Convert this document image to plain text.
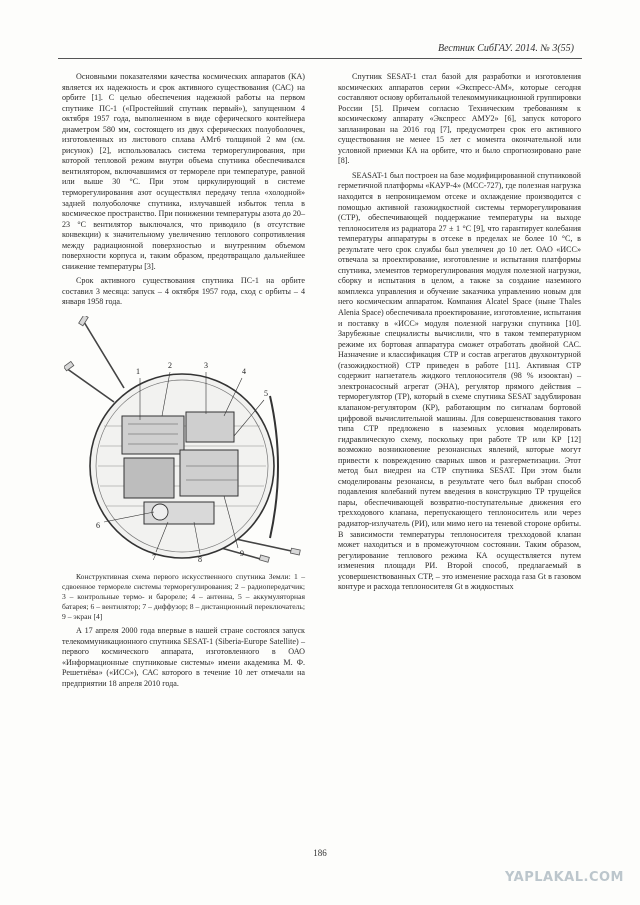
Вестник СибГАУ. 2014. № 3(55)

Основными показателями качества космических аппаратов (КА) является их надежность и срок активного существования (САС) на орбите [1]. С целью обеспечения надежной работы на первом спутнике ПС-1 («Простейший спутник первый»), запущенном 4 октября 1957 года, выполненном в виде сферического контейнера диаметром 580 мм, состоящего из двух сферических полуоболочек, изготовленных из листового сплава АМг6 толщиной 2 мм (см. рисунок) [2], использовалась система терморегулирования, при которой тепловой режим внутри объема спутника обеспечивался вентилятором, включавшимся от термореле при температуре, равной или выше 30 °С. При этом циркулирующий в системе терморегулирования азот осуществлял передачу тепла «холодной» задней полуоболочке спутника, излучавшей избыток тепла в космическое пространство. При понижении температуры азота до 20–23 °С вентилятор выключался, что приводило (в отсутствие конвекции) к значительному увеличению теплового сопротивления между радиационной поверхностью и внутренним объемом поверхности корпуса и, таким образом, предотвращало дальнейшее снижение температуры [3].

Срок активного существования спутника ПС-1 на орбите составил 3 месяца: запуск – 4 октября 1957 года, сход с орбиты – 4 января 1958 года.

1
2	3
4
5
6
7	8
9

Конструктивная схема первого искусственного спутника Земли: 1 – сдвоенное термореле системы терморегулирования; 2 – радиопередатчик; 3 – контрольные термо- и барореле; 4 – антенна, 5 – аккумуляторная батарея; 6 – вентилятор; 7 – диффузор; 8 – дистанционный переключатель; 9 – экран [4]

А 17 апреля 2000 года впервые в нашей стране состоялся запуск телекоммуникационного спутника SESAT-1 (Siberia-Europe Satellite) – первого космического аппарата, изготовленного в ОАО «Информационные спутниковые системы» имени академика М. Ф. Решетнёва» («ИСС»), САС которого в течение 10 лет отмечали на предприятии 18 апреля 2010 года.

Спутник SESAT-1 стал базой для разработки и изготовления космических аппаратов серии «Экспресс-АМ», которые сегодня составляют основу орбитальной телекоммуникационной группировки России [5]. Причем согласно Техническим требованиям к космическому аппарату «Экспресс АМУ2» [6], запуск которого запланирован на 2016 год [7], предусмотрен срок его активного существования не менее 15 лет с момента окончательной или условной приемки КА на орбите, что и было спрогнозировано ране [8].

SEASAT-1 был построен на базе модифицированной спутниковой герметичной платформы «КАУР-4» (МСС-727), где полезная нагрузка находится в непроницаемом отсеке и охлаждение производится с помощью активной газожидкостной системы терморегулирования (СТР), обеспечивающей поддержание температуры на выходе теплоносителя из радиатора 27 ± 1 °С [9], что гарантирует колебания температуры аппаратуры в отсеке в пределах не более 10 °С, в результате чего срок службы был увеличен до 10 лет. ОАО «ИСС» отвечала за проектирование, изготовление и испытания платформы спутника, элементов терморегулирования модуля полезной нагрузки, сборку и испытания в целом, а также за создание наземного комплекса управления и обучение заказчика управлению новым для него космическим аппаратом. Компания Alcatel Space (ныне Thales Alenia Space) обеспечивала проектирование, изготовление, испытания и поставку в «ИСС» модуля полезной нагрузки спутника [10]. Зарубежные специалисты вычислили, что в таком температурном режиме их бортовая аппаратура сможет отработать двойной САС. Назначение и классификация СТР и состав агрегатов двухконтурной (газожидкостной) СТР приведен в работе [11]. Активная СТР содержит нагнетатель жидкого теплоносителя (98 % изооктан) – электронасосный агрегат (ЭНА), регулятор прямого действия – терморегулятор (ТР), который в схеме спутника SESAT задублирован клапаном-регулятором (КР), работающим по сигналам бортовой цифровой вычислительной машины. Для совершенствования такого типа СТР предложено в наземных условия моделировать гидравлическую схему, поскольку при работе ТР или КР [12] возможно возникновение резонансных явлений, которые могут привести к повреждению сварных швов и разгерметизации. Этот метод был внедрен на СТР спутника SESAT. При этом были смоделированы резонансы, в результате чего был выбран способ подавления колебаний путем введения в конструкцию ТР трущейся пары, обеспечивающей возвратно-поступательные движения его трехходового клапана, перепускающего теплоноситель или через радиатор-излучатель (РИ), или мимо него на теневой стороне орбиты. В зависимости температуры теплоносителя трехходовой клапан может находиться и в промежуточном состоянии. Таким образом, регулирование теплового режима КА осуществляется путем изменения площади РИ. Второй способ, предлагаемый в усовершенствованных СТР, – это изменение расхода газа Gt в газовом контуре и расхода теплоносителя Gt в жидкостных

186
YAPLAKAL.COM
